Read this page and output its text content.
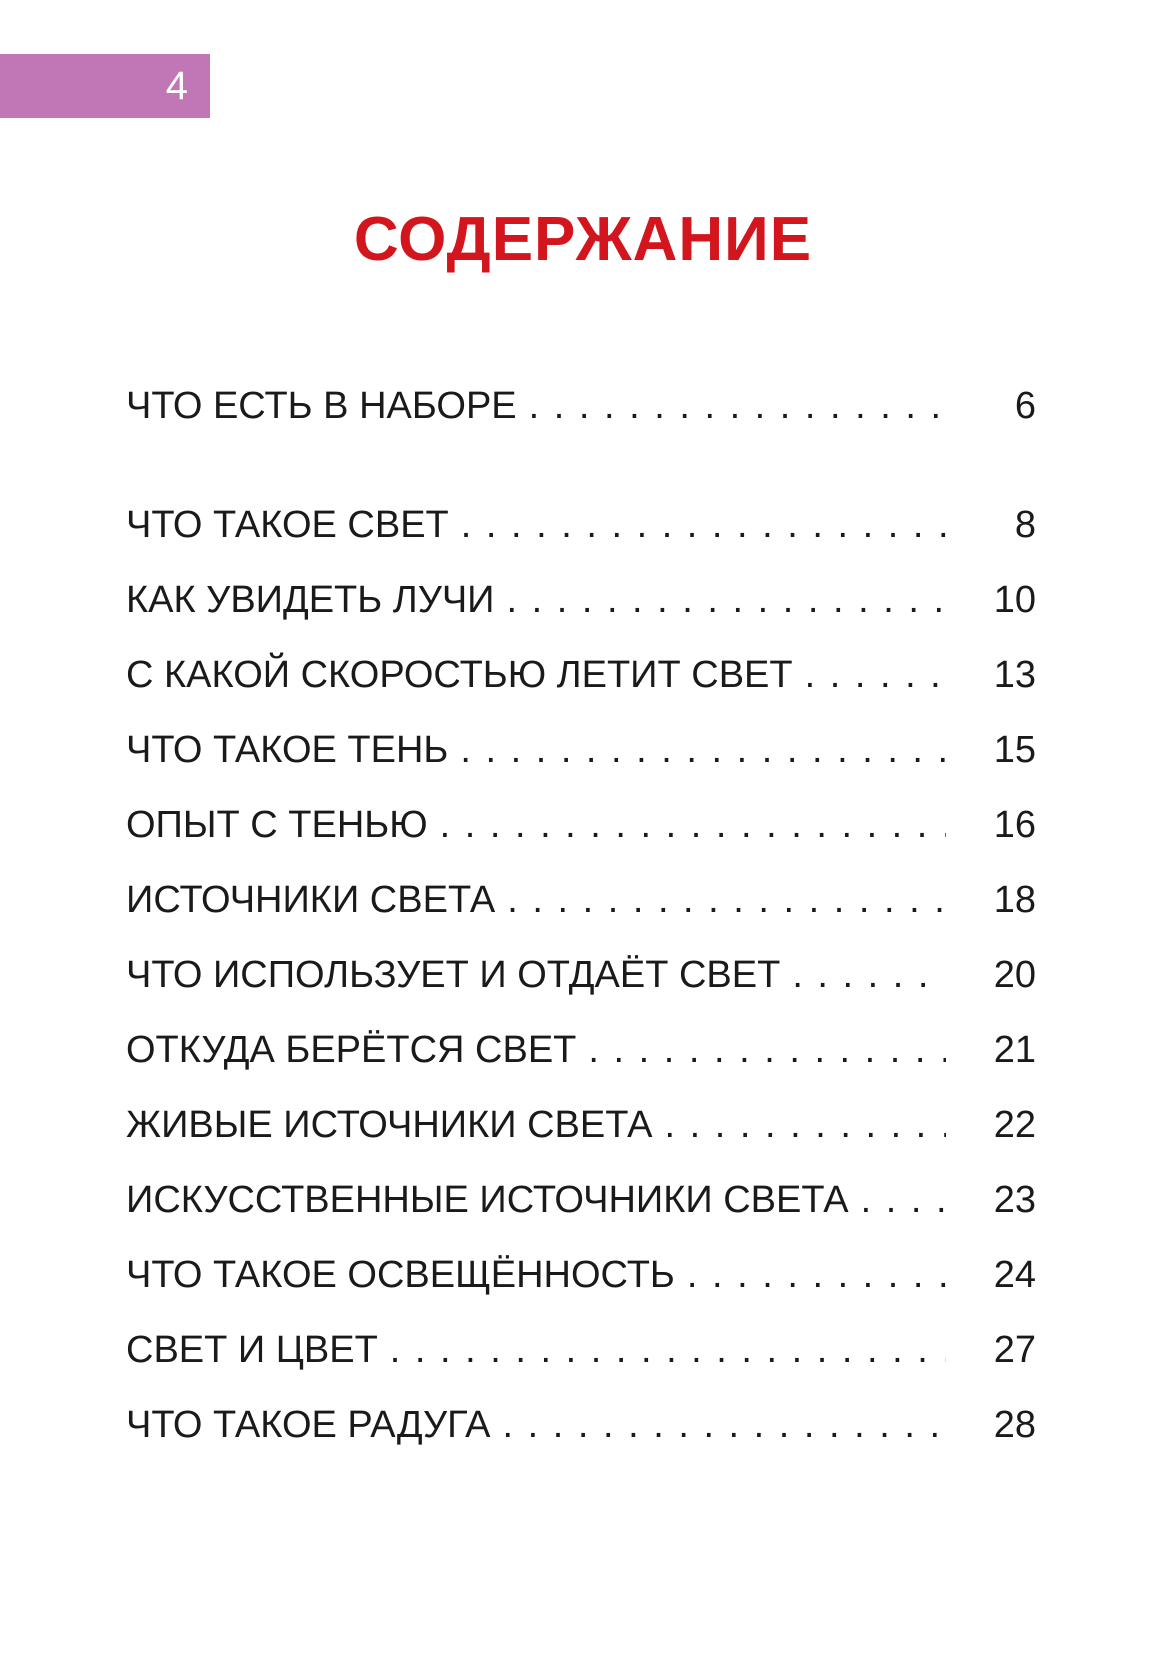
4
СОДЕРЖАНИЕ
ЧТО ЕСТЬ В НАБОРЕ . . .	6
ЧТО ТАКОЕ СВЕТ . . .	8
КАК УВИДЕТЬ ЛУЧИ . . .	10
С КАКОЙ СКОРОСТЬЮ ЛЕТИТ СВЕТ . . .	13
ЧТО ТАКОЕ ТЕНЬ . . .	15
ОПЫТ С ТЕНЬЮ . . .	16
ИСТОЧНИКИ СВЕТА . . .	18
ЧТО ИСПОЛЬЗУЕТ И ОТДАЁТ СВЕТ . . .	20
ОТКУДА БЕРЁТСЯ СВЕТ . . .	21
ЖИВЫЕ ИСТОЧНИКИ СВЕТА . . .	22
ИСКУССТВЕННЫЕ ИСТОЧНИКИ СВЕТА . . .	23
ЧТО ТАКОЕ ОСВЕЩЁННОСТЬ . . .	24
СВЕТ И ЦВЕТ . . .	27
ЧТО ТАКОЕ РАДУГА . . .	28
